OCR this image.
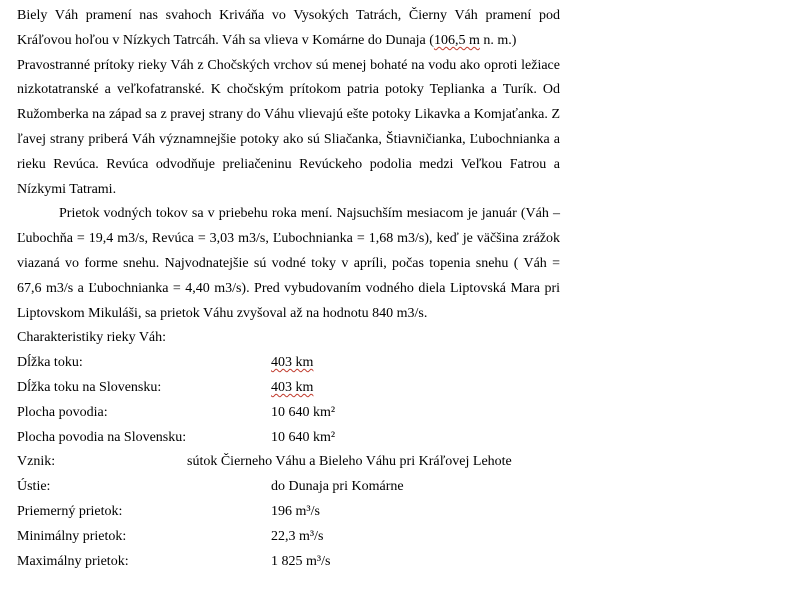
Biely Váh pramení nas svahoch Kriváňa vo Vysokých Tatrách, Čierny Váh pramení pod Kráľovou hoľou v Nízkych Tatrcáh. Váh sa vlieva v Komárne do Dunaja (106,5 m n. m.)

Pravostranné prítoky rieky Váh z Chočských vrchov sú menej bohaté na vodu ako oproti ležiace nizkotatranské a veľkofatranské. K chočským prítokom patria potoky Teplianka a Turík. Od Ružomberka na západ sa z pravej strany do Váhu vlievajú ešte potoky Likavka a Komjaťanka. Z ľavej strany priberá Váh významnejšie potoky ako sú Sliačanka, Štiavničianka, Ľubochnianka a rieku Revúca. Revúca odvodňuje preliačeninu Revúckeho podolia medzi Veľkou Fatrou a Nízkymi Tatrami.

Prietok vodných tokov sa v priebehu roka mení. Najsuchším mesiacom je január (Váh – Ľubochňa = 19,4 m3/s, Revúca = 3,03 m3/s, Ľubochnianka = 1,68 m3/s), keď je väčšina zrážok viazaná vo forme snehu. Najvodnatejšie sú vodné toky v apríli, počas topenia snehu ( Váh = 67,6 m3/s a Ľubochnianka = 4,40 m3/s). Pred vybudovaním vodného diela Liptovská Mara pri Liptovskom Mikuláši, sa prietok Váhu zvyšoval až na hodnotu 840 m3/s.

Charakteristiky rieky Váh:

Dĺžka toku:	403 km
Dĺžka toku na Slovensku:	403 km
Plocha povodia:	10 640 km²
Plocha povodia na Slovensku:	10 640 km²
Vznik:	sútok Čierneho Váhu a Bieleho Váhu pri Kráľovej Lehote
Ústie:	do Dunaja pri Komárne
Priemerný prietok:	196 m³/s
Minimálny prietok:	22,3 m³/s
Maximálny prietok:	1 825 m³/s
